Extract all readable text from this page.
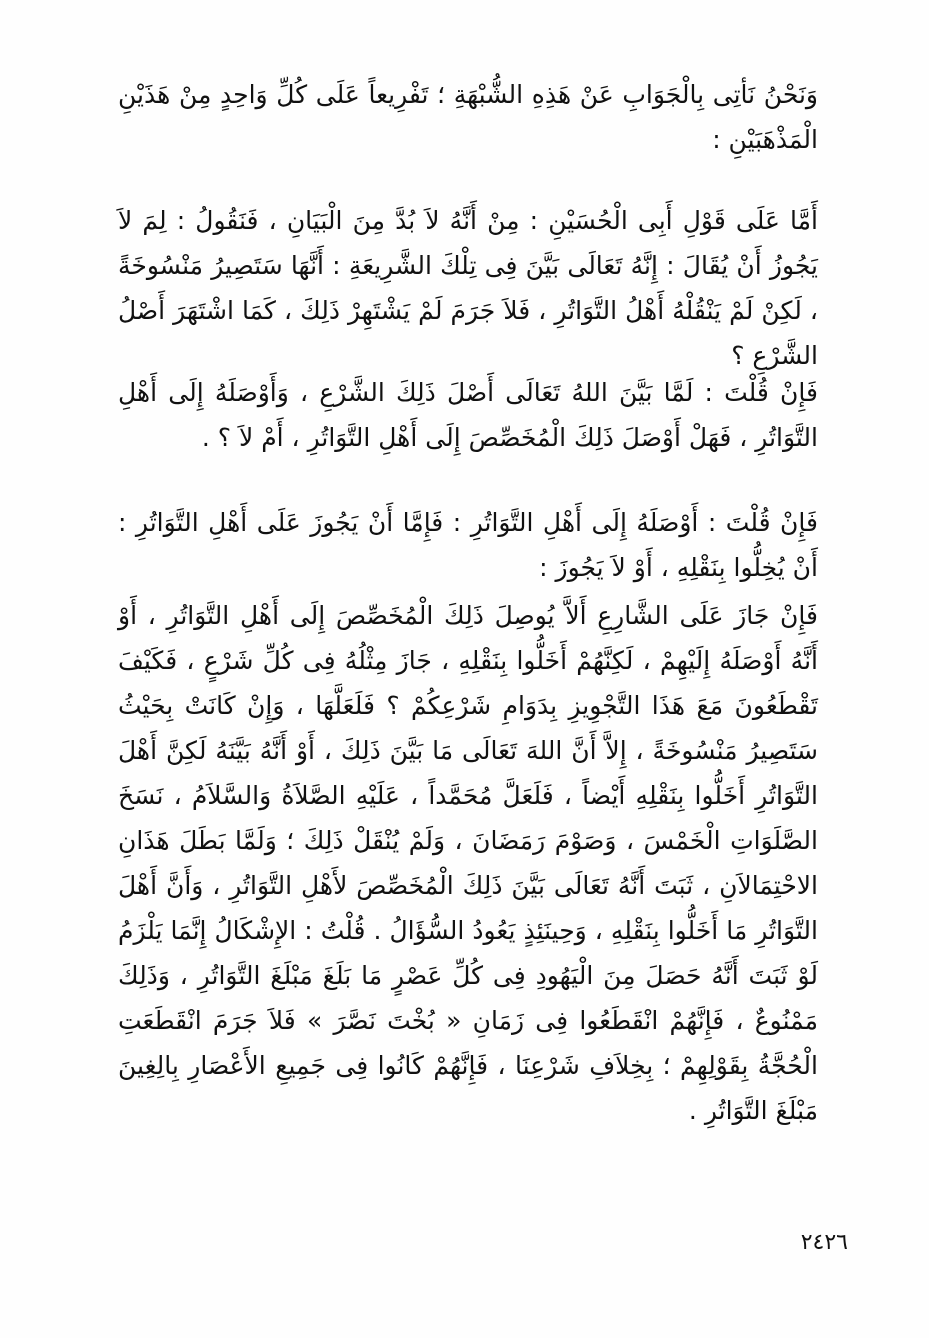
وَنَحْنُ نَأتِى بِالْجَوَابِ عَنْ هَذِهِ الشُّبْهَةِ ؛ تَفْرِيعاً عَلَى كُلِّ وَاحِدٍ مِنْ هَذَيْنِ الْمَذْهَبَيْنِ :

أَمَّا عَلَى قَوْلِ أَبِى الْحُسَيْنِ : مِنْ أَنَّهُ لاَ بُدَّ مِنَ الْبَيَانِ ، فَنَقُولُ : لِمَ لاَ يَجُوزُ أَنْ يُقَالَ : إِنَّهُ تَعَالَى بَيَّنَ فِى تِلْكَ الشَّرِيعَةِ : أَنَّهَا سَتَصِيرُ مَنْسُوخَةً ، لَكِنْ لَمْ يَنْقُلْهُ أَهْلُ التَّوَاتُرِ ، فَلاَ جَرَمَ لَمْ يَشْتَهِرْ ذَلِكَ ، كَمَا اشْتَهَرَ أَصْلُ الشَّرْعِ ؟

فَإِنْ قُلْتَ : لَمَّا بَيَّنَ اللهُ تَعَالَى أَصْلَ ذَلِكَ الشَّرْعِ ، وَأَوْصَلَهُ إِلَى أَهْلِ التَّوَاتُرِ ، فَهَلْ أَوْصَلَ ذَلِكَ الْمُخَصِّصَ إِلَى أَهْلِ التَّوَاتُرِ ، أَمْ لاَ ؟ .

فَإِنْ قُلْتَ : أَوْصَلَهُ إِلَى أَهْلِ التَّوَاتُرِ : فَإِمَّا أَنْ يَجُوزَ عَلَى أَهْلِ التَّوَاتُرِ : أَنْ يُخِلُّوا بِنَقْلِهِ ، أَوْ لاَ يَجُوزَ :

فَإِنْ جَازَ عَلَى الشَّارِعِ أَلاَّ يُوصِلَ ذَلِكَ الْمُخَصِّصَ إِلَى أَهْلِ التَّوَاتُرِ ، أَوْ أَنَّهُ أَوْصَلَهُ إِلَيْهِمْ ، لَكِنَّهُمْ أَخَلُّوا بِنَقْلِهِ ، جَازَ مِثْلُهُ فِى كُلِّ شَرْعٍ ، فَكَيْفَ تَقْطَعُونَ مَعَ هَذَا التَّجْوِيزِ بِدَوَامِ شَرْعِكُمْ ؟ فَلَعَلَّهَا ، وَإِنْ كَانَتْ بِحَيْثُ سَتَصِيرُ مَنْسُوخَةً ، إِلاَّ أَنَّ اللهَ تَعَالَى مَا بَيَّنَ ذَلِكَ ، أَوْ أَنَّهُ بَيَّنَهُ لَكِنَّ أَهْلَ التَّوَاتُرِ أَخَلُّوا بِنَقْلِهِ أَيْضاً ، فَلَعَلَّ مُحَمَّداً ، عَلَيْهِ الصَّلاَةُ وَالسَّلاَمُ ، نَسَخَ الصَّلَوَاتِ الْخَمْسَ ، وَصَوْمَ رَمَضَانَ ، وَلَمْ يُنْقَلْ ذَلِكَ ؛ وَلَمَّا بَطَلَ هَذَانِ الاحْتِمَالاَنِ ، ثَبَتَ أَنَّهُ تَعَالَى بَيَّنَ ذَلِكَ الْمُخَصِّصَ لأَهْلِ التَّوَاتُرِ ، وَأَنَّ أَهْلَ التَّوَاتُرِ مَا أَخَلُّوا بِنَقْلِهِ ، وَحِينَئِذٍ يَعُودُ السُّؤَالُ . قُلْتُ : الإِشْكَالُ إِنَّمَا يَلْزَمُ لَوْ ثَبَتَ أَنَّهُ حَصَلَ مِنَ الْيَهُودِ فِى كُلِّ عَصْرٍ مَا بَلَغَ مَبْلَغَ التَّوَاتُرِ ، وَذَلِكَ مَمْنُوعٌ ، فَإِنَّهُمْ انْقَطَعُوا فِى زَمَانِ « بُخْتَ نَصَّرَ » فَلاَ جَرَمَ انْقَطَعَتِ الْحُجَّةُ بِقَوْلِهِمْ ؛ بِخِلاَفِ شَرْعِنَا ، فَإِنَّهُمْ كَانُوا فِى جَمِيعِ الأَعْصَارِ بِالِغِينَ مَبْلَغَ التَّوَاتُرِ .

٢٤٢٦
